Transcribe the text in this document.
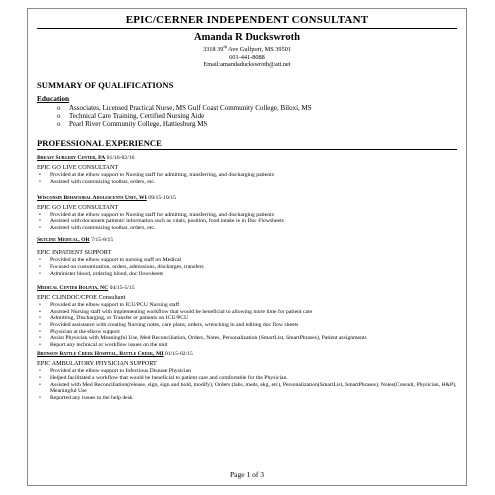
EPIC/CERNER INDEPENDENT CONSULTANT
Amanda R Duckswroth
3318 39th Ave Gulfport, MS 39501
601-441-8088
Email:amandaduckswroth@att.net
SUMMARY OF QUALIFICATIONS
Education
o	Associates, Licensed Practical Nurse, MS Gulf Coast Community College, Biloxi, MS
o	Technical Care Training, Certified Nursing Aide
o	Pearl River Community College, Hattiesburg MS
PROFESSIONAL EXPERIENCE
Breast Surgery Center, PA 01/16-02/16
EPIC GO LIVE CONSULTANT
•	Provided at the elbow support to Nursing staff for admitting, transferring, and discharging patients
•	Assisted with customizing toolbar, orders, etc.
Wisconsin Behavioral Adolescents Unit, WI 09/15-10/15
EPIC GO LIVE CONSULTANT
•	Provided at the elbow support to Nursing staff for admitting, transferring, and discharging patients
•	Assisted with document patients' information such as vitals, position, food intake ie in Doc Flowsheets
•	Assisted with customizing toolbar, orders, etc.
Skyline Medical, OR 7/15-8/15
EPIC INPATIENT SUPPORT
•	Provided at the elbow support to nursing staff on Medical
•	Focused on customization, orders, admissions, discharges, transfers
•	Administer blood, ordering blood, doc flowsheets
Medical Center Bolivia, NC 04/15-5/15
EPIC CLINDOC/CPOE Consultant
•	Provided at the elbow support to ICU/PCU Nursing staff
•	Assisted Nursing staff with implementing workflow that would be beneficial to allowing more time for patient care
•	Admitting, Discharging, or Transfer or patients on ICU/PCU
•	Provided assistance with creating Nursing notes, care plans, orders, wrenching in and editing doc flow sheets
•	Physician at the elbow support
•	Assist Physician with Meaningful Use, Med Reconciliation, Orders, Notes, Personalization (SmartList, SmartPhrases), Patient assignments
•	Report any technical or workflow issues on the unit
Bronson Battle Creek Hospital, Battle Creek, MI 01/15-02/15
EPIC AMBULATORY PHYSICIAN SUPPORT
•	Provided at the elbow support to Infectious Disease Physician
•	Helped facilitated a workflow that would be beneficial to patient care and comfortable for the Physician.
•	Assisted with Med Reconciliation(release, sign, sign and hold, modify), Orders (labs, meds, ekg, etc), Personalization(SmartList, SmartPhrases), Notes(Consult, Physician, H&P), Meaningful Use
•	Reported any issues to the help desk
Page 1 of 3
